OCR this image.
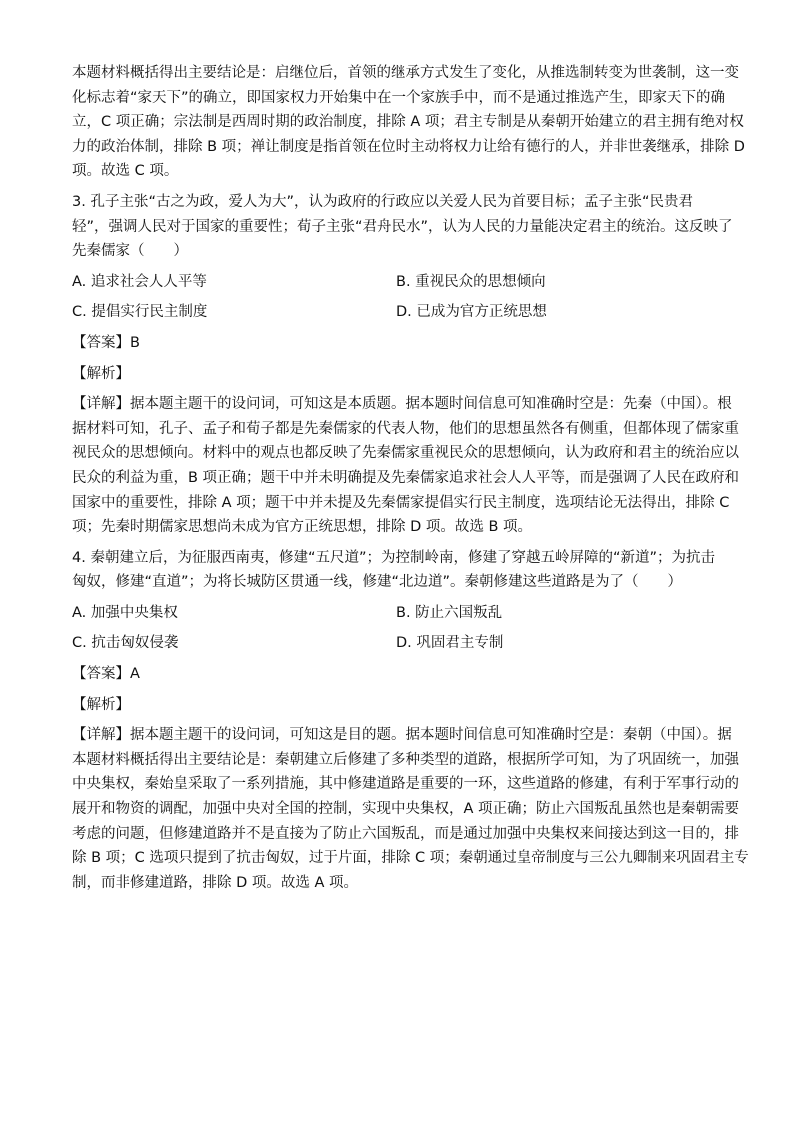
本题材料概括得出主要结论是：启继位后，首领的继承方式发生了变化，从推选制转变为世袭制，这一变
化标志着“家天下”的确立，即国家权力开始集中在一个家族手中，而不是通过推选产生，即家天下的确
立，C 项正确；宗法制是西周时期的政治制度，排除 A 项；君主专制是从秦朝开始建立的君主拥有绝对权
力的政治体制，排除 B 项；禅让制度是指首领在位时主动将权力让给有德行的人，并非世袭继承，排除 D
项。故选 C 项。

3. 孔子主张“古之为政，爱人为大”，认为政府的行政应以关爱人民为首要目标；孟子主张“民贵君
轻”，强调人民对于国家的重要性；荀子主张“君舟民水”，认为人民的力量能决定君主的统治。这反映了
先秦儒家（　　）

A. 追求社会人人平等	B. 重视民众的思想倾向
C. 提倡实行民主制度	D. 已成为官方正统思想
【答案】B
【解析】

【详解】据本题主题干的设问词，可知这是本质题。据本题时间信息可知准确时空是：先秦（中国）。根
据材料可知，孔子、孟子和荀子都是先秦儒家的代表人物，他们的思想虽然各有侧重，但都体现了儒家重
视民众的思想倾向。材料中的观点也都反映了先秦儒家重视民众的思想倾向，认为政府和君主的统治应以
民众的利益为重，B 项正确；题干中并未明确提及先秦儒家追求社会人人平等，而是强调了人民在政府和
国家中的重要性，排除 A 项；题干中并未提及先秦儒家提倡实行民主制度，选项结论无法得出，排除 C
项；先秦时期儒家思想尚未成为官方正统思想，排除 D 项。故选 B 项。

4. 秦朝建立后，为征服西南夷，修建“五尺道”；为控制岭南，修建了穿越五岭屏障的“新道”；为抗击
匈奴，修建“直道”；为将长城防区贯通一线，修建“北边道”。秦朝修建这些道路是为了（　　）

A. 加强中央集权	B. 防止六国叛乱
C. 抗击匈奴侵袭	D. 巩固君主专制
【答案】A
【解析】

【详解】据本题主题干的设问词，可知这是目的题。据本题时间信息可知准确时空是：秦朝（中国）。据
本题材料概括得出主要结论是：秦朝建立后修建了多种类型的道路，根据所学可知，为了巩固统一，加强
中央集权，秦始皇采取了一系列措施，其中修建道路是重要的一环，这些道路的修建，有利于军事行动的
展开和物资的调配，加强中央对全国的控制，实现中央集权，A 项正确；防止六国叛乱虽然也是秦朝需要
考虑的问题，但修建道路并不是直接为了防止六国叛乱，而是通过加强中央集权来间接达到这一目的，排
除 B 项；C 选项只提到了抗击匈奴，过于片面，排除 C 项；秦朝通过皇帝制度与三公九卿制来巩固君主专
制，而非修建道路，排除 D 项。故选 A 项。
